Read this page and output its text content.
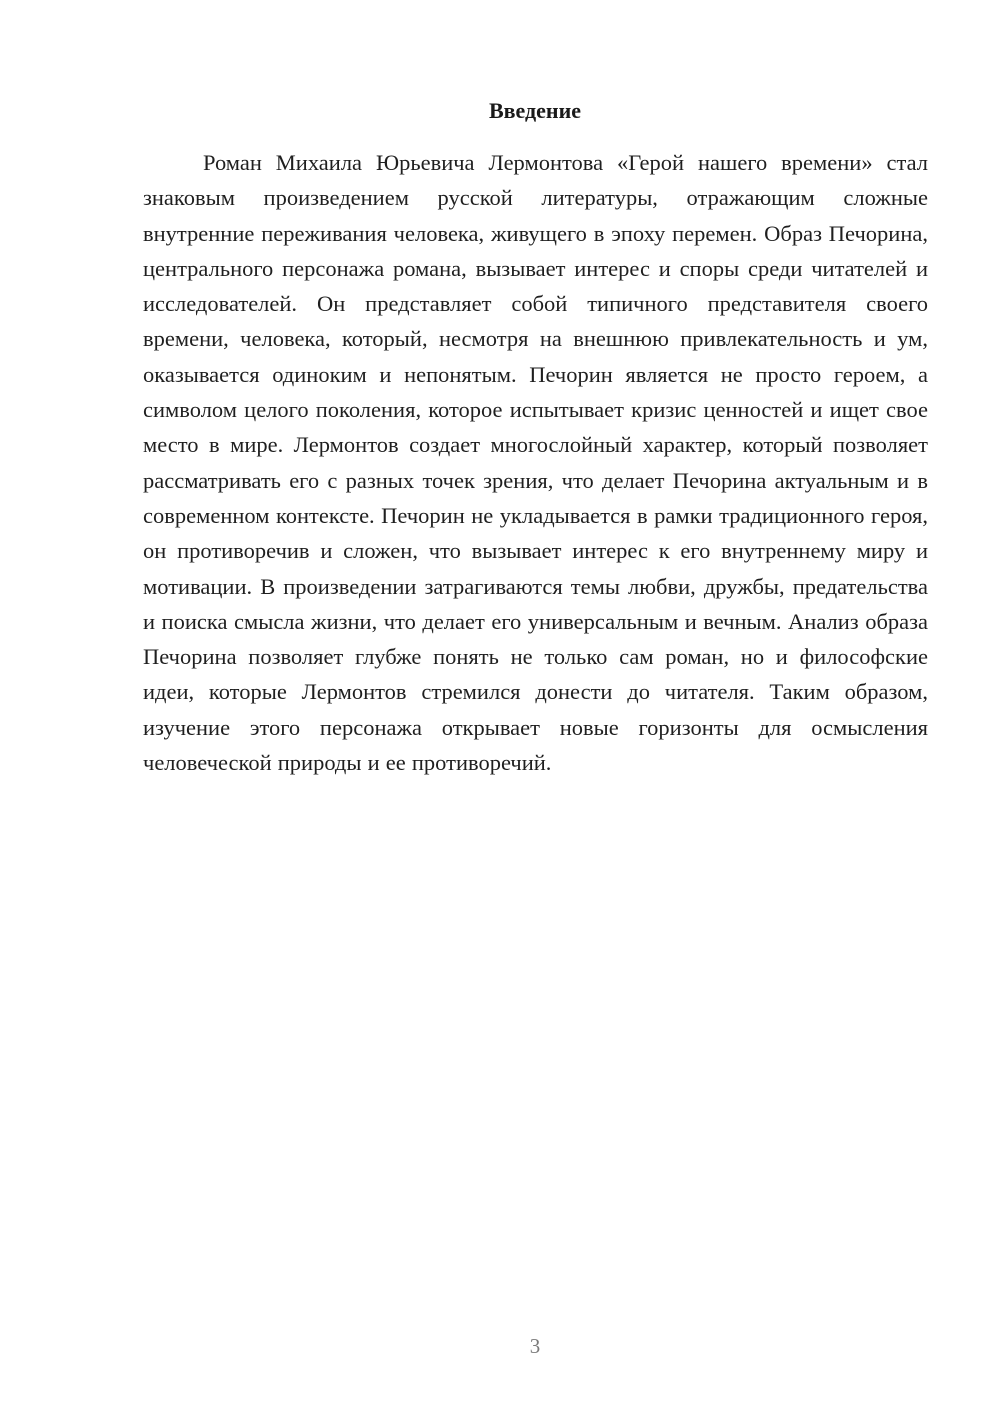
Введение

Роман Михаила Юрьевича Лермонтова «Герой нашего времени» стал знаковым произведением русской литературы, отражающим сложные внутренние переживания человека, живущего в эпоху перемен. Образ Печорина, центрального персонажа романа, вызывает интерес и споры среди читателей и исследователей. Он представляет собой типичного представителя своего времени, человека, который, несмотря на внешнюю привлекательность и ум, оказывается одиноким и непонятым. Печорин является не просто героем, а символом целого поколения, которое испытывает кризис ценностей и ищет свое место в мире. Лермонтов создает многослойный характер, который позволяет рассматривать его с разных точек зрения, что делает Печорина актуальным и в современном контексте. Печорин не укладывается в рамки традиционного героя, он противоречив и сложен, что вызывает интерес к его внутреннему миру и мотивации. В произведении затрагиваются темы любви, дружбы, предательства и поиска смысла жизни, что делает его универсальным и вечным. Анализ образа Печорина позволяет глубже понять не только сам роман, но и философские идеи, которые Лермонтов стремился донести до читателя. Таким образом, изучение этого персонажа открывает новые горизонты для осмысления человеческой природы и ее противоречий.

3
